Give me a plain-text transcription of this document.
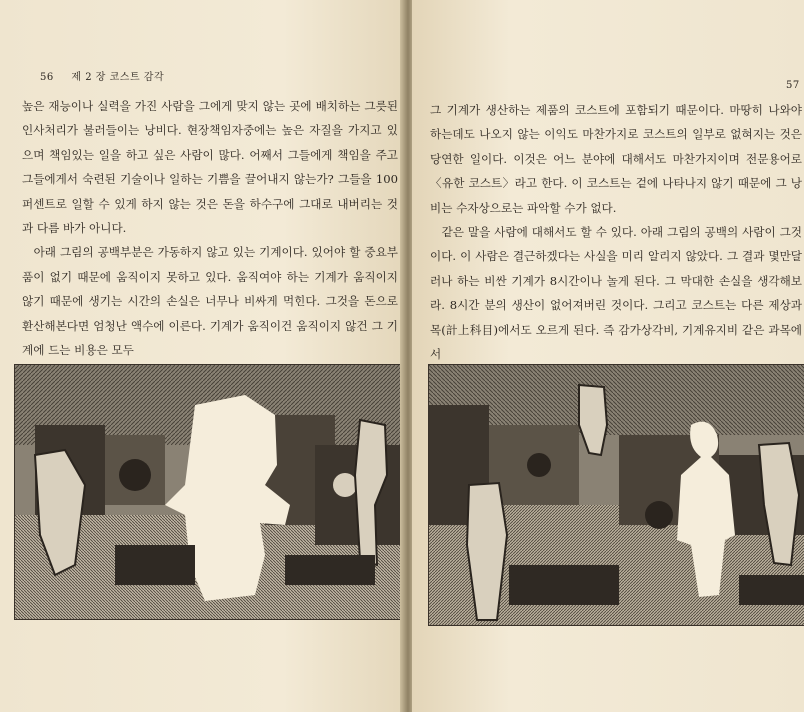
56 제 2 장 코스트 감각

높은 재능이나 실력을 가진 사람을 그에게 맞지 않는 곳에 배치하는 그릇된 인사처리가 불러들이는 낭비다. 현장책임자중에는 높은 자질을 가지고 있으며 책임있는 일을 하고 싶은 사람이 많다. 어째서 그들에게 책임을 주고 그들에게서 숙련된 기술이나 일하는 기쁨을 끌어내지 않는가? 그들을 100퍼센트로 일할 수 있게 하지 않는 것은 돈을 하수구에 그대로 내버리는 것과 다름 바가 아니다.

아래 그림의 공백부분은 가동하지 않고 있는 기계이다. 있어야 할 중요부품이 없기 때문에 움직이지 못하고 있다. 움직여야 하는 기계가 움직이지 않기 때문에 생기는 시간의 손실은 너무나 비싸게 먹힌다. 그것을 돈으로 환산해본다면 엄청난 액수에 이른다. 기계가 움직이건 움직이지 않건 그 기계에 드는 비용은 모두

57

그 기계가 생산하는 제품의 코스트에 포함되기 때문이다. 마땅히 나와야 하는데도 나오지 않는 이익도 마찬가지로 코스트의 일부로 없혀지는 것은 당연한 일이다. 이것은 어느 분야에 대해서도 마찬가지이며 전문용어로 〈유한 코스트〉라고 한다. 이 코스트는 겉에 나타나지 않기 때문에 그 낭비는 수자상으로는 파악할 수가 없다.

같은 말을 사람에 대해서도 할 수 있다. 아래 그림의 공백의 사람이 그것이다. 이 사람은 결근하겠다는 사실을 미리 알리지 않았다. 그 결과 몇만달러나 하는 비싼 기계가 8시간이나 놀게 된다. 그 막대한 손실을 생각해보라. 8시간 분의 생산이 없어져버린 것이다. 그리고 코스트는 다른 제상과목(計上科目)에서도 오르게 된다. 즉 감가상각비, 기계유지비 같은 과목에서
